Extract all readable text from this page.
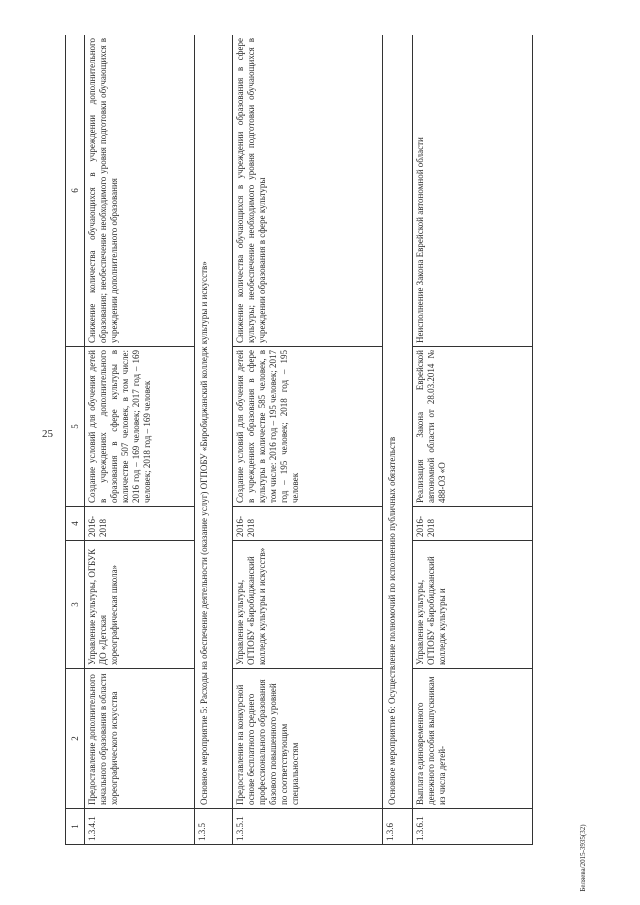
25
1	2	3	4	5	6
1.3.4.1	Предоставление дополнительного начального образования в области хореографического искусства	Управление культуры, ОГБУК ДО «Детская хореографическая школа»	2016-2018	Создание условий для обучения детей в учреждениях дополнительного образования в сфере культуры в количестве 507 человек, в том числе: 2016 год – 169 человек; 2017 год – 169 человек; 2018 год – 169 человек	Снижение количества обучающихся в учреждении дополнительного образования; необеспечение необходимого уровня подготовки обучающихся в учреждении дополнительного образования
1.3.5	Основное мероприятие 5: Расходы на обеспечение деятельности (оказание услуг) ОГПОБУ «Биробиджанский колледж культуры и искусств»				
1.3.5.1	Предоставление на конкурсной основе бесплатного среднего профессионального образования базового повышенного уровней по соответствующим специальностям	Управление культуры, ОГПОБУ «Биробиджанский колледж культуры и искусств»	2016-2018	Создание условий для обучения детей в учреждениях образования в сфере культуры в количестве 585 человек, в том числе: 2016 год – 195 человек; 2017 год – 195 человек; 2018 год – 195 человек	Снижение количества обучающихся в учреждении образования в сфере культуры; необеспечение необходимого уровня подготовки обучающихся в учреждении образования в сфере культуры
1.3.6	Основное мероприятие 6: Осуществление полномочий по исполнению публичных обязательств				
1.3.6.1	Выплата единовременного денежного пособия выпускникам из числа детей-	Управление культуры, ОГПОБУ «Биробиджанский колледж культуры и	2016-2018	Реализация Закона Еврейской автономной области от 28.03.2014 № 488-ОЗ «О	Неисполнение Закона Еврейской автономной области
Беляева/2015-3935(32)
